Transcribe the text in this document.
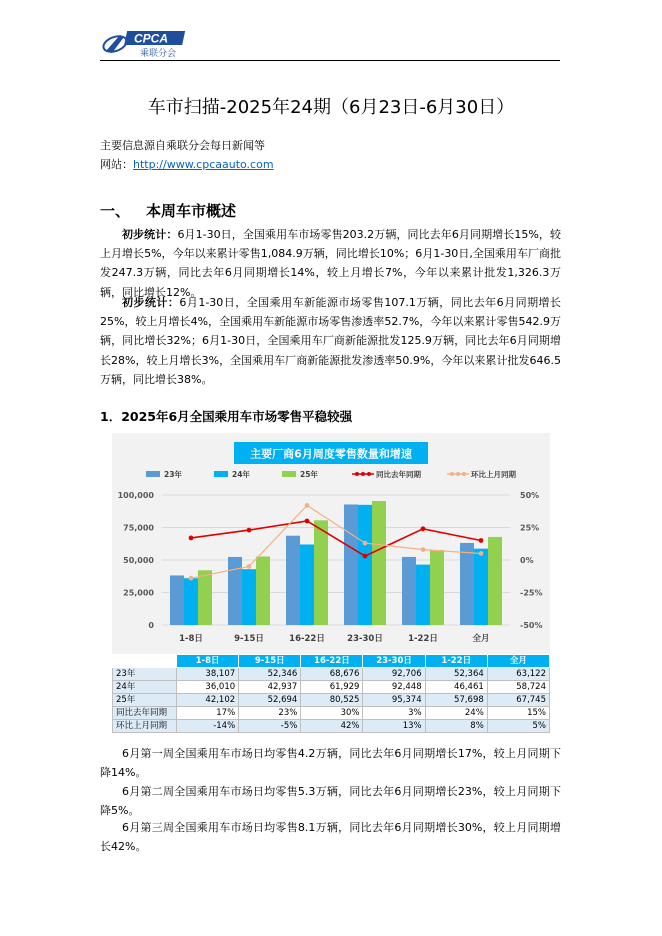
CPCA
乘联分会
车市扫描-2025年24期（6月23日-6月30日）
主要信息源自乘联分会每日新闻等
网站：http://www.cpcaauto.com
一、 本周车市概述
初步统计：6月1-30日，全国乘用车市场零售203.2万辆，同比去年6月同期增长15%，较上月增长5%，今年以来累计零售1,084.9万辆，同比增长10%；6月1-30日,全国乘用车厂商批发247.3万辆，同比去年6月同期增长14%，较上月增长7%，今年以来累计批发1,326.3万辆，同比增长12%。
初步统计：6月1-30日，全国乘用车新能源市场零售107.1万辆，同比去年6月同期增长25%，较上月增长4%，全国乘用车新能源市场零售渗透率52.7%，今年以来累计零售542.9万辆，同比增长32%；6月1-30日，全国乘用车厂商新能源批发125.9万辆，同比去年6月同期增长28%，较上月增长3%，全国乘用车厂商新能源批发渗透率50.9%，今年以来累计批发646.5万辆，同比增长38%。
1．2025年6月全国乘用车市场零售平稳较强
主要厂商6月周度零售数量和增速
23年	24年	25年	同比去年同期	环比上月同期
100,000
75,000
50,000
25,000
0
50%
25%
0%
-25%
-50%
1-8日	9-15日	16-22日	23-30日	1-22日	全月
	1-8日	9-15日	16-22日	23-30日	1-22日	全月
23年	38,107	52,346	68,676	92,706	52,364	63,122
24年	36,010	42,937	61,929	92,448	46,461	58,724
25年	42,102	52,694	80,525	95,374	57,698	67,745
同比去年同期	17%	23%	30%	3%	24%	15%
环比上月同期	-14%	-5%	42%	13%	8%	5%
6月第一周全国乘用车市场日均零售4.2万辆，同比去年6月同期增长17%，较上月同期下降14%。
6月第二周全国乘用车市场日均零售5.3万辆，同比去年6月同期增长23%，较上月同期下降5%。
6月第三周全国乘用车市场日均零售8.1万辆，同比去年6月同期增长30%，较上月同期增长42%。
